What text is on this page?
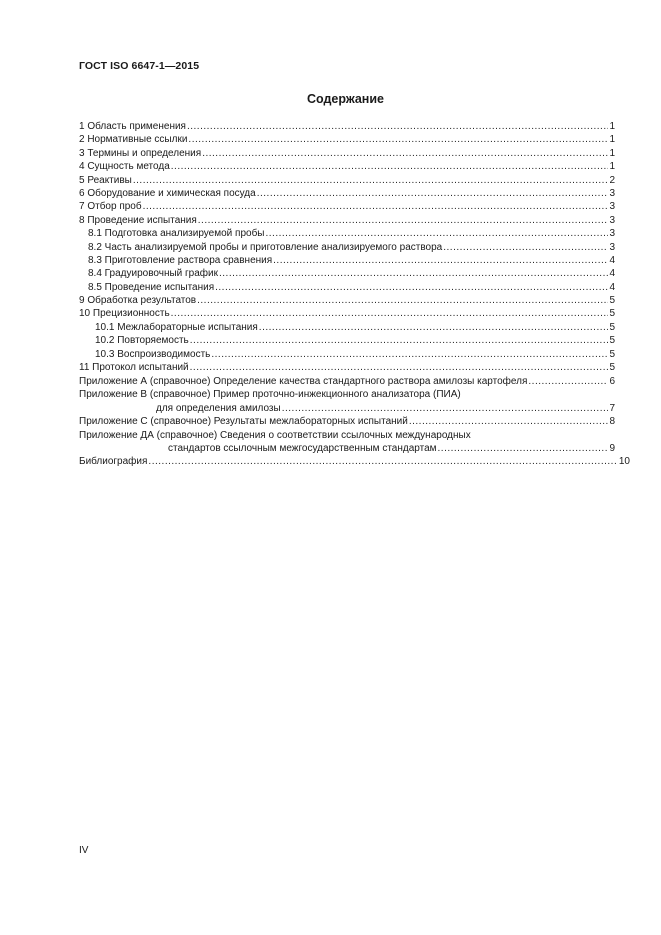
ГОСТ ISO 6647-1—2015
Содержание
1 Область применения .....	1
2 Нормативные ссылки .....	1
3 Термины и определения .....	1
4 Сущность метода .....	1
5 Реактивы .....	2
6 Оборудование и химическая посуда .....	3
7 Отбор проб .....	3
8 Проведение испытания .....	3
8.1 Подготовка анализируемой пробы .....	3
8.2 Часть анализируемой пробы и приготовление анализируемого раствора .....	3
8.3 Приготовление раствора сравнения .....	4
8.4 Градуировочный график .....	4
8.5 Проведение испытания .....	4
9 Обработка результатов .....	5
10 Прецизионность .....	5
10.1 Межлабораторные испытания .....	5
10.2 Повторяемость .....	5
10.3 Воспроизводимость .....	5
11 Протокол испытаний .....	5
Приложение А (справочное) Определение качества стандартного раствора амилозы картофеля .....	6
Приложение В (справочное) Пример проточно-инжекционного анализатора (ПИА)
для определения амилозы .....	7
Приложение С (справочное) Результаты межлабораторных испытаний .....	8
Приложение ДА (справочное) Сведения о соответствии ссылочных международных
стандартов ссылочным межгосударственным стандартам .....	9
Библиография .....	10
IV
